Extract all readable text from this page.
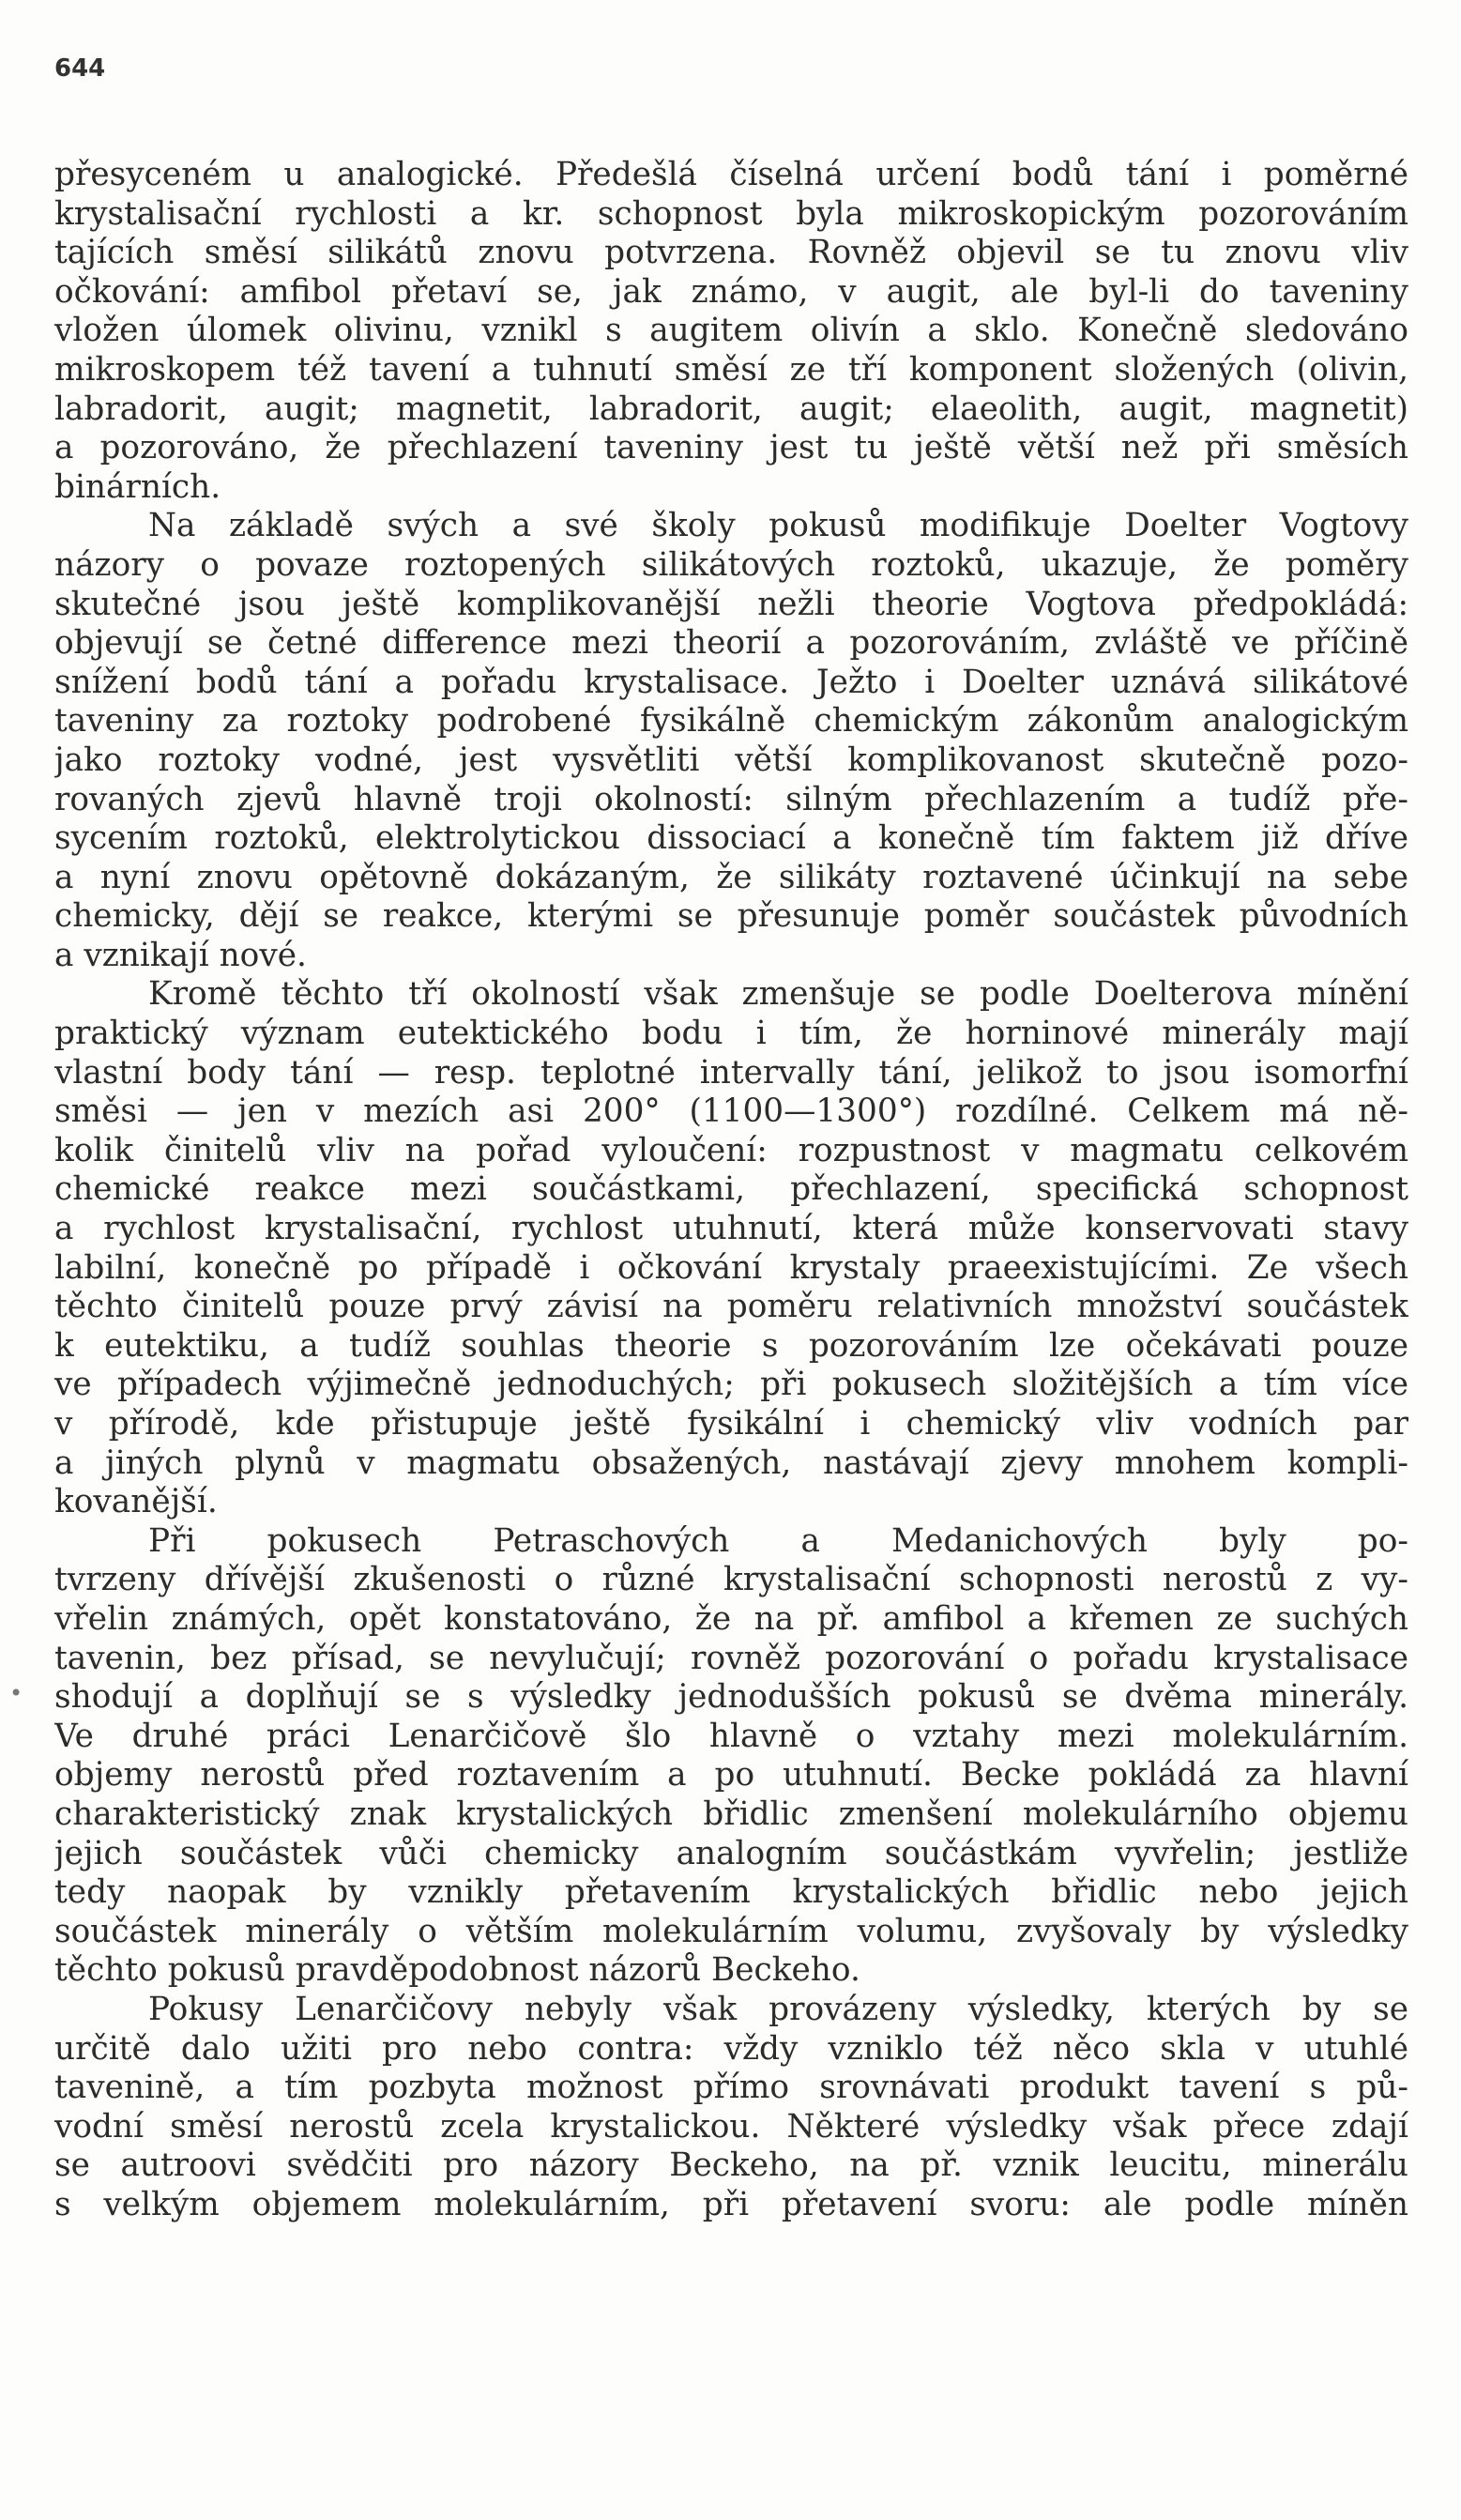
644
•
přesyceném u analogické. Předešlá číselná určení bodů tání i poměrné
krystalisační rychlosti a kr. schopnost byla mikroskopickým pozorováním
tajících směsí silikátů znovu potvrzena. Rovněž objevil se tu znovu vliv
očkování: amfibol přetaví se, jak známo, v augit, ale byl-li do taveniny
vložen úlomek olivinu, vznikl s augitem olivín a sklo. Konečně sledováno
mikroskopem též tavení a tuhnutí směsí ze tří komponent složených (olivin,
labradorit, augit; magnetit, labradorit, augit; elaeolith, augit, magnetit)
a pozorováno, že přechlazení taveniny jest tu ještě větší než při směsích
binárních.
Na základě svých a své školy pokusů modifikuje Doelter Vogtovy
názory o povaze roztopených silikátových roztoků, ukazuje, že poměry
skutečné jsou ještě komplikovanější nežli theorie Vogtova předpokládá:
objevují se četné difference mezi theorií a pozorováním, zvláště ve příčině
snížení bodů tání a pořadu krystalisace. Ježto i Doelter uznává silikátové
taveniny za roztoky podrobené fysikálně chemickým zákonům analogickým
jako roztoky vodné, jest vysvětliti větší komplikovanost skutečně pozo-
rovaných zjevů hlavně troji okolností: silným přechlazením a tudíž pře-
sycením roztoků, elektrolytickou dissociací a konečně tím faktem již dříve
a nyní znovu opětovně dokázaným, že silikáty roztavené účinkují na sebe
chemicky, dějí se reakce, kterými se přesunuje poměr součástek původních
a vznikají nové.
Kromě těchto tří okolností však zmenšuje se podle Doelterova mínění
praktický význam eutektického bodu i tím, že horninové minerály mají
vlastní body tání — resp. teplotné intervally tání, jelikož to jsou isomorfní
směsi — jen v mezích asi 200° (1100—1300°) rozdílné. Celkem má ně-
kolik činitelů vliv na pořad vyloučení: rozpustnost v magmatu celkovém
chemické reakce mezi součástkami, přechlazení, specifická schopnost
a rychlost krystalisační, rychlost utuhnutí, která může konservovati stavy
labilní, konečně po případě i očkování krystaly praeexistujícími. Ze všech
těchto činitelů pouze prvý závisí na poměru relativních množství součástek
k eutektiku, a tudíž souhlas theorie s pozorováním lze očekávati pouze
ve případech výjimečně jednoduchých; při pokusech složitějších a tím více
v přírodě, kde přistupuje ještě fysikální i chemický vliv vodních par
a jiných plynů v magmatu obsažených, nastávají zjevy mnohem kompli-
kovanější.
Při pokusech Petraschových a Medanichových byly po-
tvrzeny dřívější zkušenosti o různé krystalisační schopnosti nerostů z vy-
vřelin známých, opět konstatováno, že na př. amfibol a křemen ze suchých
tavenin, bez přísad, se nevylučují; rovněž pozorování o pořadu krystalisace
shodují a doplňují se s výsledky jednodušších pokusů se dvěma minerály.
Ve druhé práci Lenarčičově šlo hlavně o vztahy mezi molekulárním.
objemy nerostů před roztavením a po utuhnutí. Becke pokládá za hlavní
charakteristický znak krystalických břidlic zmenšení molekulárního objemu
jejich součástek vůči chemicky analogním součástkám vyvřelin; jestliže
tedy naopak by vznikly přetavením krystalických břidlic nebo jejich
součástek minerály o větším molekulárním volumu, zvyšovaly by výsledky
těchto pokusů pravděpodobnost názorů Beckeho.
Pokusy Lenarčičovy nebyly však provázeny výsledky, kterých by se
určitě dalo užiti pro nebo contra: vždy vzniklo též něco skla v utuhlé
tavenině, a tím pozbyta možnost přímo srovnávati produkt tavení s pů-
vodní směsí nerostů zcela krystalickou. Některé výsledky však přece zdají
se autroovi svědčiti pro názory Beckeho, na př. vznik leucitu, minerálu
s velkým objemem molekulárním, při přetavení svoru: ale podle míněn
